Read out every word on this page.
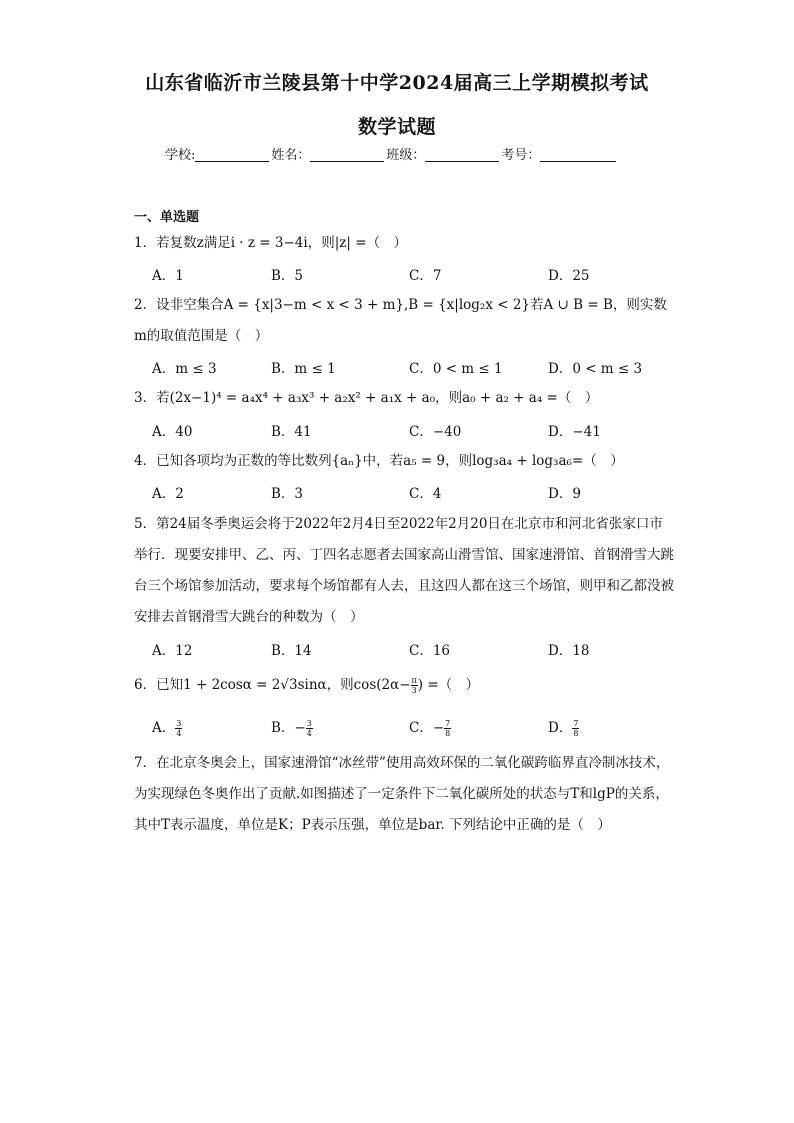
山东省临沂市兰陵县第十中学2024届高三上学期模拟考试
数学试题
学校:	姓名：	班级：	考号：
一、单选题
1．若复数z满足i · z = 3−4i，则|z| =（　）
A．1	B．5	C．7	D．25
2．设非空集合A = {x|3−m < x < 3 + m},B = {x|log₂x < 2}若A ∪ B = B，则实数m的取值范围是（　）
A．m ≤ 3	B．m ≤ 1	C．0 < m ≤ 1	D．0 < m ≤ 3
3．若(2x−1)⁴ = a₄x⁴ + a₃x³ + a₂x² + a₁x + a₀，则a₀ + a₂ + a₄ =（　）
A．40	B．41	C．−40	D．−41
4．已知各项均为正数的等比数列{aₙ}中，若a₅ = 9，则log₃a₄ + log₃a₆=（　）
A．2	B．3	C．4	D．9
5．第24届冬季奥运会将于2022年2月4日至2022年2月20日在北京市和河北省张家口市举行．现要安排甲、乙、丙、丁四名志愿者去国家高山滑雪馆、国家速滑馆、首钢滑雪大跳台三个场馆参加活动，要求每个场馆都有人去，且这四人都在这三个场馆，则甲和乙都没被安排去首钢滑雪大跳台的种数为（　）
A．12	B．14	C．16	D．18
6．已知1 + 2cosα = 2√3sinα，则$\cos(2\alpha- \frac{\pi}{3}$ ) =（　）
A． $\frac{3}{4}$	B．− $\frac{3}{4}$	C．− $\frac{7}{8}$	D． $\frac{7}{8}$
7．在北京冬奥会上，国家速滑馆“冰丝带”使用高效环保的二氧化碳跨临界直冷制冰技术，为实现绿色冬奥作出了贡献.如图描述了一定条件下二氧化碳所处的状态与T和lgP的关系，其中T表示温度，单位是K；P表示压强，单位是bar. 下列结论中正确的是（　）
